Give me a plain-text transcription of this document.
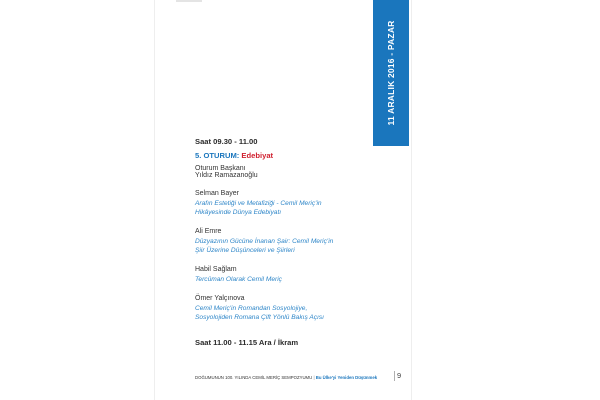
11 ARALIK 2016 - PAZAR
Saat 09.30 - 11.00
5. OTURUM: Edebiyat
Oturum Başkanı
Yıldız Ramazanoğlu
Selman Bayer
Arafın Estetiği ve Metafiziği - Cemil Meriç'in
Hikâyesinde Dünya Edebiyatı
Ali Emre
Düzyazının Gücüne İnanan Şair: Cemil Meriç'in
Şiir Üzerine Düşünceleri ve Şiirleri
Habil Sağlam
Tercüman Olarak Cemil Meriç
Ömer Yalçınova
Cemil Meriç'in Romandan Sosyolojiye,
Sosyolojiden Romana Çift Yönlü Bakış Açısı
Saat 11.00 - 11.15 Ara / İkram
DOĞUMUNUN 100. YILINDA CEMİL MERİÇ SEMPOZYUMU | Bu Ülke'yi Yeniden Düşünmek	9
